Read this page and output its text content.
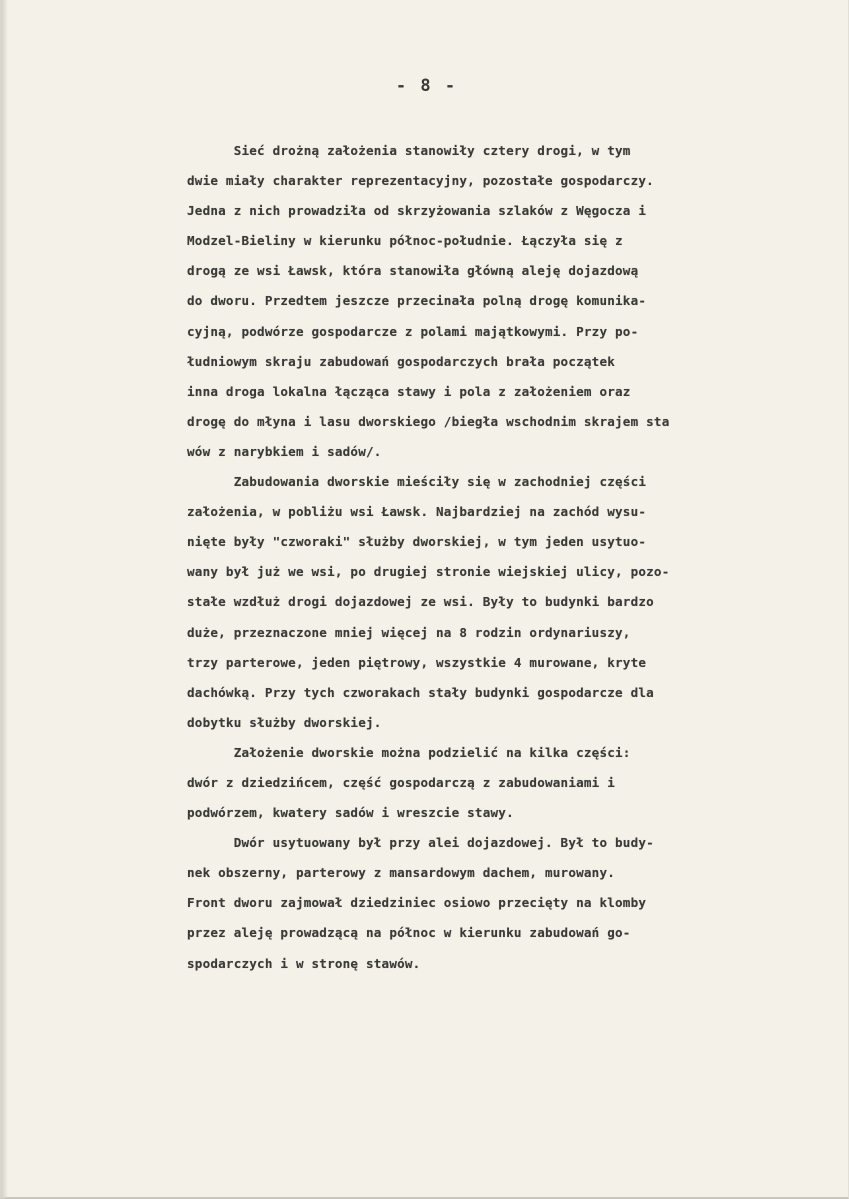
- 8 -
Sieć drożną założenia stanowiły cztery drogi, w tym
dwie miały charakter reprezentacyjny, pozostałe gospodarczy.
Jedna z nich prowadziła od skrzyżowania szlaków z Węgocza i
Modzel-Bieliny w kierunku północ-południe. Łączyła się z
drogą ze wsi Ławsk, która stanowiła główną aleję dojazdową
do dworu. Przedtem jeszcze przecinała polną drogę komunika-
cyjną, podwórze gospodarcze z polami majątkowymi. Przy po-
łudniowym skraju zabudowań gospodarczych brała początek
inna droga lokalna łącząca stawy i pola z założeniem oraz
drogę do młyna i lasu dworskiego /biegła wschodnim skrajem sta
wów z narybkiem i sadów/.
Zabudowania dworskie mieściły się w zachodniej części
założenia, w pobliżu wsi Ławsk. Najbardziej na zachód wysu-
nięte były "czworaki" służby dworskiej, w tym jeden usytuo-
wany był już we wsi, po drugiej stronie wiejskiej ulicy, pozo-
stałe wzdłuż drogi dojazdowej ze wsi. Były to budynki bardzo
duże, przeznaczone mniej więcej na 8 rodzin ordynariuszy,
trzy parterowe, jeden piętrowy, wszystkie 4 murowane, kryte
dachówką. Przy tych czworakach stały budynki gospodarcze dla
dobytku służby dworskiej.
Założenie dworskie można podzielić na kilka części:
dwór z dziedzińcem, część gospodarczą z zabudowaniami i
podwórzem, kwatery sadów i wreszcie stawy.
Dwór usytuowany był przy alei dojazdowej. Był to budy-
nek obszerny, parterowy z mansardowym dachem, murowany.
Front dworu zajmował dziedziniec osiowo przecięty na klomby
przez aleję prowadzącą na północ w kierunku zabudowań go-
spodarczych i w stronę stawów.
